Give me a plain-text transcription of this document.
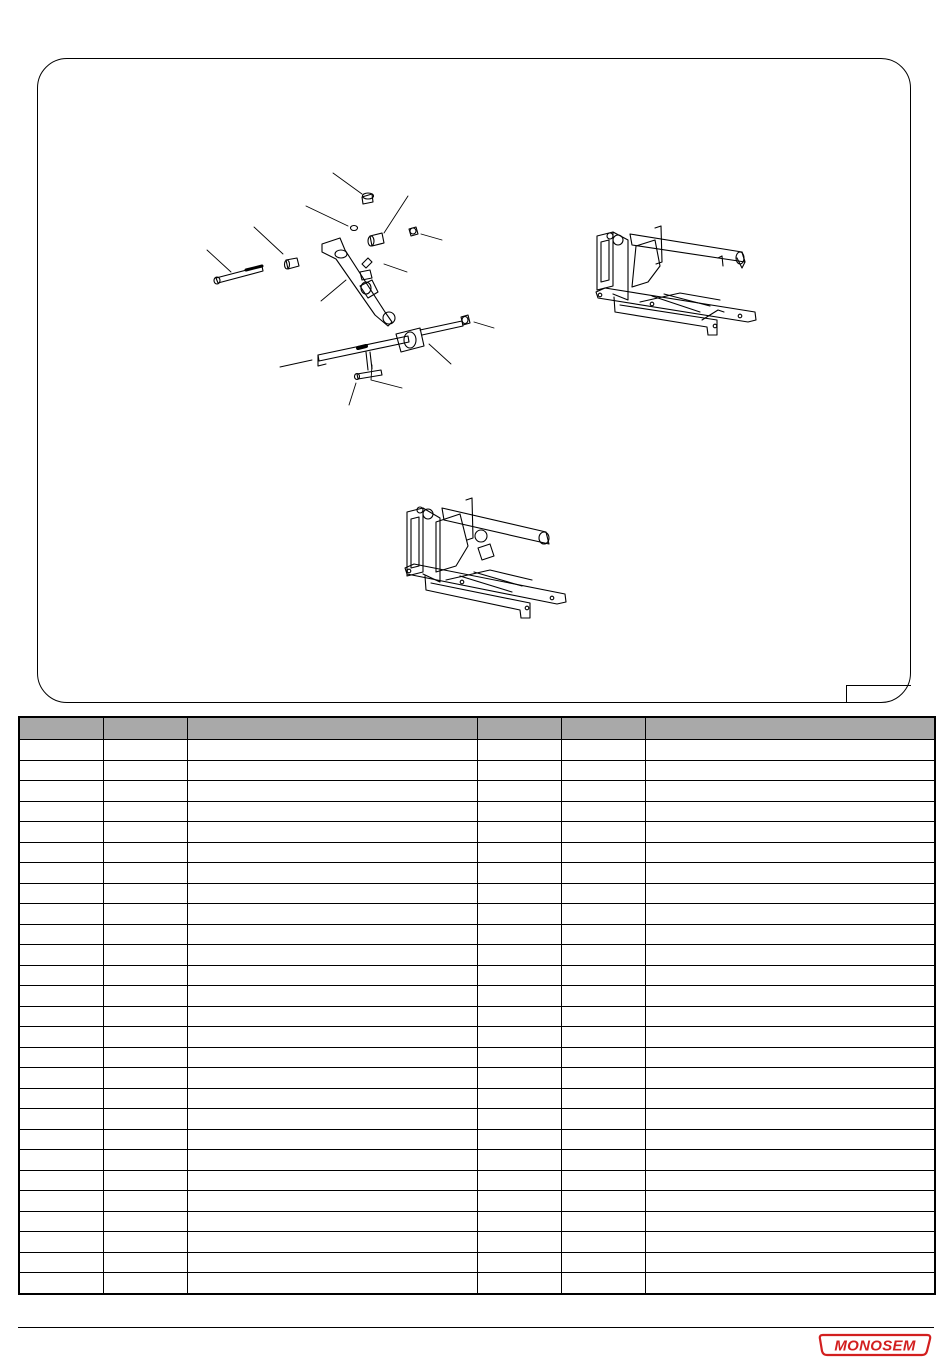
MONOSEM
